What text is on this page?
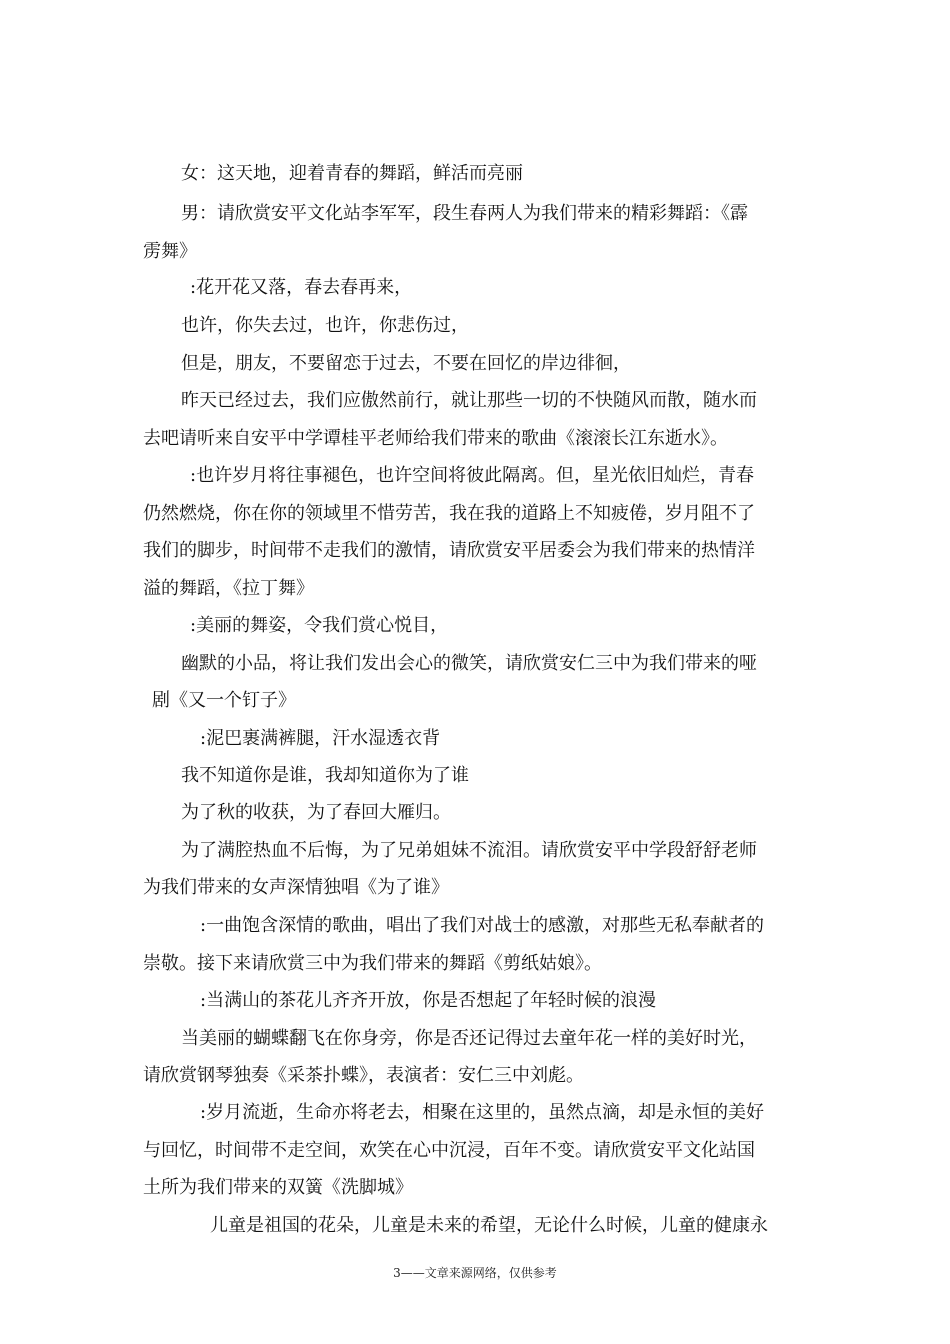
女：这天地，迎着青春的舞蹈，鲜活而亮丽
男：请欣赏安平文化站李军军，段生春两人为我们带来的精彩舞蹈：《霹
雳舞》
:花开花又落，春去春再来，
也许，你失去过，也许，你悲伤过，
但是，朋友，不要留恋于过去，不要在回忆的岸边徘徊，
昨天已经过去，我们应傲然前行，就让那些一切的不快随风而散，随水而
去吧请听来自安平中学谭桂平老师给我们带来的歌曲《滚滚长江东逝水》。
:也许岁月将往事褪色，也许空间将彼此隔离。但，星光依旧灿烂，青春
仍然燃烧，你在你的领域里不惜劳苦，我在我的道路上不知疲倦，岁月阻不了
我们的脚步，时间带不走我们的激情，请欣赏安平居委会为我们带来的热情洋
溢的舞蹈，《拉丁舞》
:美丽的舞姿，令我们赏心悦目，
幽默的小品，将让我们发出会心的微笑，请欣赏安仁三中为我们带来的哑
剧《又一个钉子》
:泥巴裹满裤腿，汗水湿透衣背
我不知道你是谁，我却知道你为了谁
为了秋的收获，为了春回大雁归。
为了满腔热血不后悔，为了兄弟姐妹不流泪。请欣赏安平中学段舒舒老师
为我们带来的女声深情独唱《为了谁》
:一曲饱含深情的歌曲，唱出了我们对战士的感激，对那些无私奉献者的
崇敬。接下来请欣赏三中为我们带来的舞蹈《剪纸姑娘》。
:当满山的茶花儿齐齐开放，你是否想起了年轻时候的浪漫
当美丽的蝴蝶翻飞在你身旁，你是否还记得过去童年花一样的美好时光，
请欣赏钢琴独奏《采茶扑蝶》，表演者：安仁三中刘彪。
:岁月流逝，生命亦将老去，相聚在这里的，虽然点滴，却是永恒的美好
与回忆，时间带不走空间，欢笑在心中沉浸，百年不变。请欣赏安平文化站国
土所为我们带来的双簧《洗脚城》
儿童是祖国的花朵，儿童是未来的希望，无论什么时候，儿童的健康永
3——文章来源网络，仅供参考
